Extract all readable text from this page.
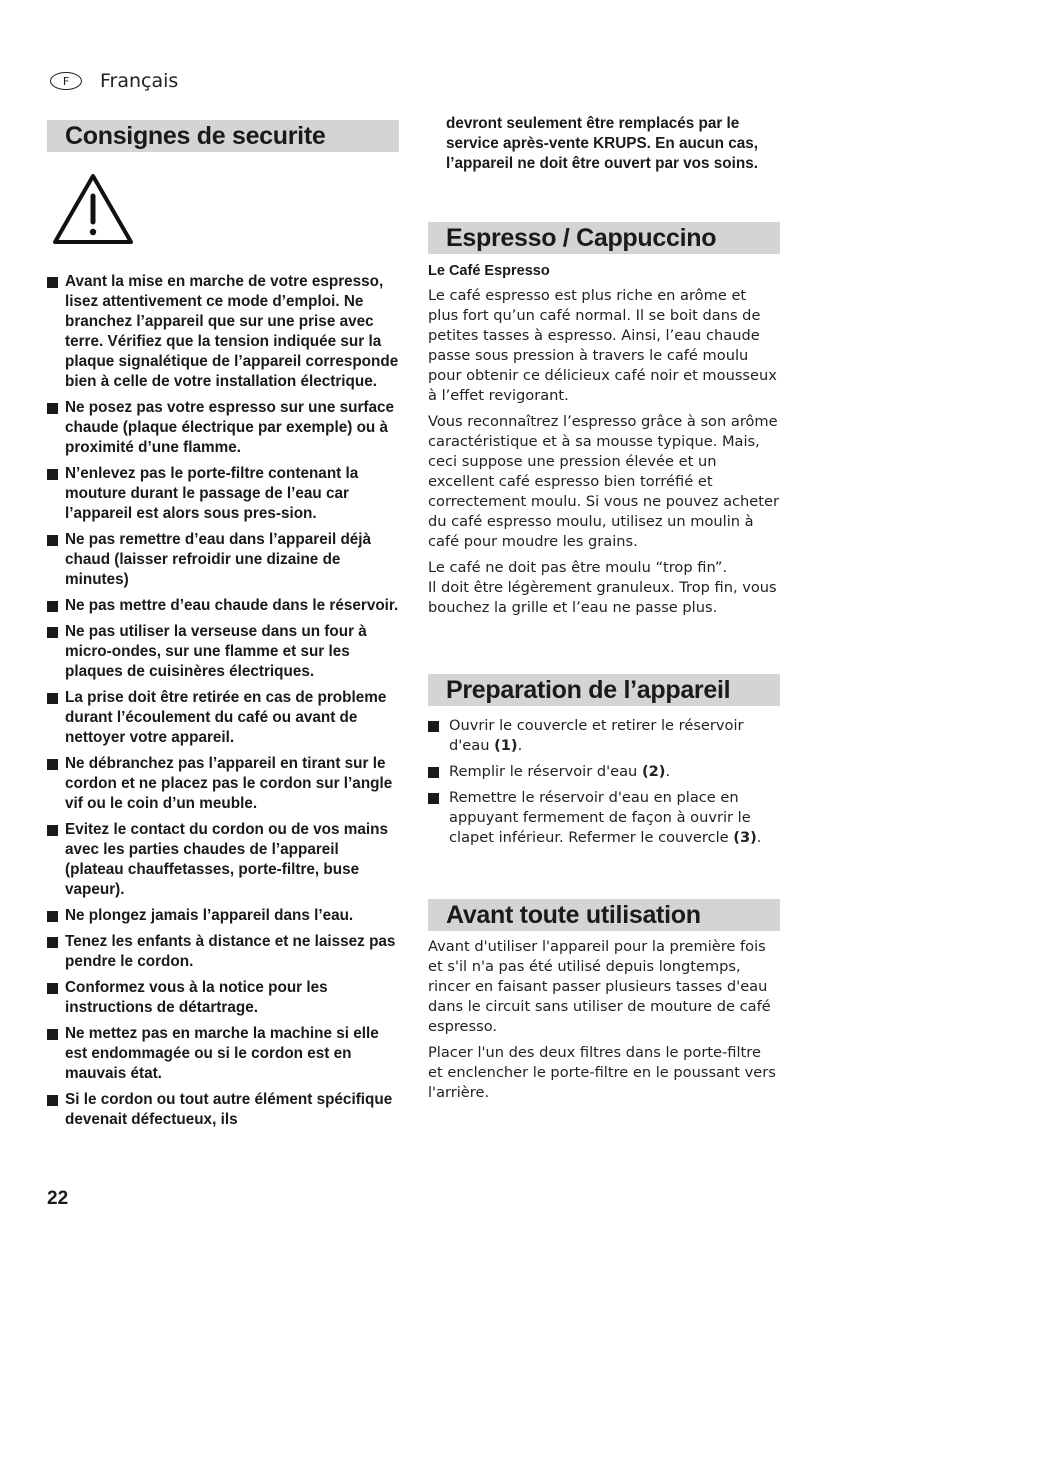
F	Français
Consignes de securite
Avant la mise en marche de votre espresso, lisez attentivement ce mode d’emploi. Ne branchez l’appareil que sur une prise avec terre. Vérifiez que la tension indiquée sur la plaque signalétique de l’appareil corresponde bien à celle de votre installation électrique.
Ne posez pas votre espresso sur une surface chaude (plaque électrique par exemple) ou à proximité d’une flamme.
N’enlevez pas le porte-filtre contenant la mouture durant le passage de l’eau car l’appareil est alors sous pres-sion.
Ne pas remettre d’eau dans l’appareil déjà chaud (laisser refroidir une dizaine de minutes)
Ne pas mettre d’eau chaude dans le réservoir.
Ne pas utiliser la verseuse dans un four à micro-ondes, sur une flamme et sur les plaques de cuisinères électriques.
La prise doit être retirée en cas de probleme durant l’écoulement du café ou avant de nettoyer votre appareil.
Ne débranchez pas l’appareil en tirant sur le cordon et ne placez pas le cordon sur l’angle vif ou le coin d’un meuble.
Evitez le contact du cordon ou de vos mains avec les parties chaudes de l’appareil (plateau chauffetasses, porte-filtre, buse vapeur).
Ne plongez jamais l’appareil dans l’eau.
Tenez les enfants à distance et ne laissez pas pendre le cordon.
Conformez vous à la notice pour les instructions de détartrage.
Ne mettez pas en marche la machine si elle est endommagée ou si le cordon est en mauvais état.
Si le cordon ou tout autre élément spécifique devenait défectueux, ils

devront seulement être remplacés par le service après-vente KRUPS. En aucun cas, l’appareil ne doit être ouvert par vos soins.

Espresso / Cappuccino
Le Café Espresso

Le café espresso est plus riche en arôme et plus fort qu’un café normal. Il se boit dans de petites tasses à espresso. Ainsi, l’eau chaude passe sous pression à travers le café moulu pour obtenir ce délicieux café noir et mousseux à l’effet revigorant.

Vous reconnaîtrez l’espresso grâce à son arôme caractéristique et à sa mousse typique. Mais, ceci suppose une pression élevée et un excellent café espresso bien torréfié et correctement moulu. Si vous ne pouvez acheter du café espresso moulu, utilisez un moulin à café pour moudre les grains.

Le café ne doit pas être moulu “trop fin”.

Il doit être légèrement granuleux. Trop fin, vous bouchez la grille et l’eau ne passe plus.

Preparation de l’appareil
Ouvrir le couvercle et retirer le réservoir d'eau (1).
Remplir le réservoir d'eau (2).
Remettre le réservoir d'eau en place en appuyant fermement de façon à ouvrir le clapet inférieur. Refermer le couvercle (3).
Avant toute utilisation

Avant d'utiliser l'appareil pour la première fois et s'il n'a pas été utilisé depuis longtemps, rincer en faisant passer plusieurs tasses d'eau dans le circuit sans utiliser de mouture de café espresso.

Placer l'un des deux filtres dans le porte-filtre et enclencher le porte-filtre en le poussant vers l'arrière.

22
